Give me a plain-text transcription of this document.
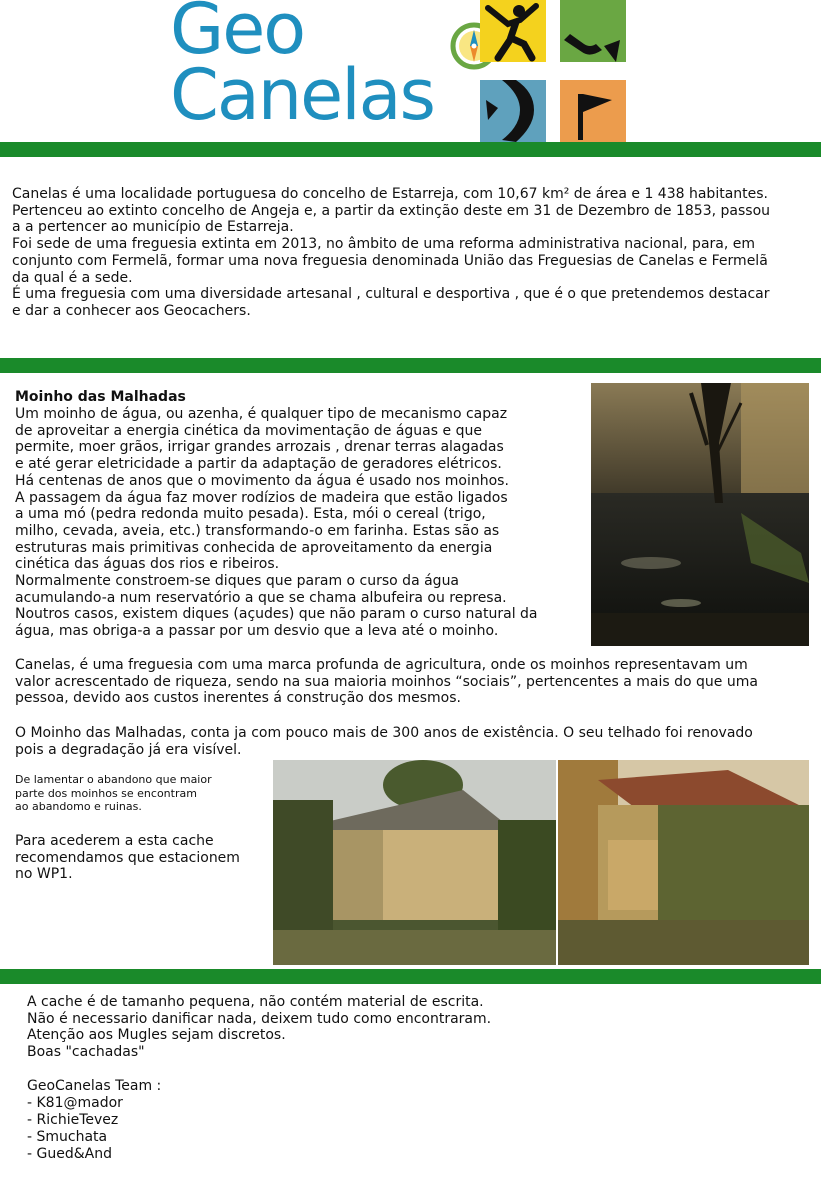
Geo
Canelas
Canelas é uma localidade portuguesa do concelho de Estarreja, com 10,67 km² de área e 1 438 habitantes.
Pertenceu ao extinto concelho de Angeja e, a partir da extinção deste em 31 de Dezembro de 1853, passou
a a pertencer ao município de Estarreja.
Foi sede de uma freguesia extinta em 2013, no âmbito de uma reforma administrativa nacional, para, em
conjunto com Fermelã, formar uma nova freguesia denominada União das Freguesias de Canelas e Fermelã
da qual é a sede.
É uma freguesia com uma diversidade artesanal , cultural e desportiva , que é o que pretendemos destacar
e dar a conhecer aos Geocachers.
Moinho das Malhadas
Um moinho de água, ou azenha, é qualquer tipo de mecanismo capaz
de aproveitar a energia cinética da movimentação de águas e que
permite, moer grãos, irrigar grandes arrozais , drenar terras alagadas
e até gerar eletricidade a partir da adaptação de geradores elétricos.
Há centenas de anos que o movimento da água é usado nos moinhos.
A passagem da água faz mover rodízios de madeira que estão ligados
a uma mó (pedra redonda muito pesada). Esta, mói o cereal (trigo,
milho, cevada, aveia, etc.) transformando-o em farinha. Estas são as
estruturas mais primitivas conhecida de aproveitamento da energia
cinética das águas dos rios e ribeiros.
Normalmente constroem-se diques que param o curso da água
acumulando-a num reservatório a que se chama albufeira ou represa.
Noutros casos, existem diques (açudes) que não param o curso natural da
água, mas obriga-a a passar por um desvio que a leva até o moinho.
Canelas, é uma freguesia com uma marca profunda de agricultura, onde os moinhos representavam um
valor acrescentado de riqueza, sendo na sua maioria moinhos “sociais”, pertencentes a mais do que uma
pessoa, devido aos custos inerentes á construção dos mesmos.
O Moinho das Malhadas, conta ja com pouco mais de 300 anos de existência. O seu telhado foi renovado
pois a degradação já era visível.
De lamentar o abandono que maior
parte dos moinhos se encontram
ao abandomo e ruinas.
Para acederem a esta cache
recomendamos que estacionem
no WP1.
A cache é de tamanho pequena, não contém material de escrita.
Não é necessario danificar nada, deixem tudo como encontraram.
Atenção aos Mugles sejam discretos.
Boas "cachadas"
GeoCanelas Team :
- K81@mador
- RichieTevez
- Smuchata
- Gued&And
